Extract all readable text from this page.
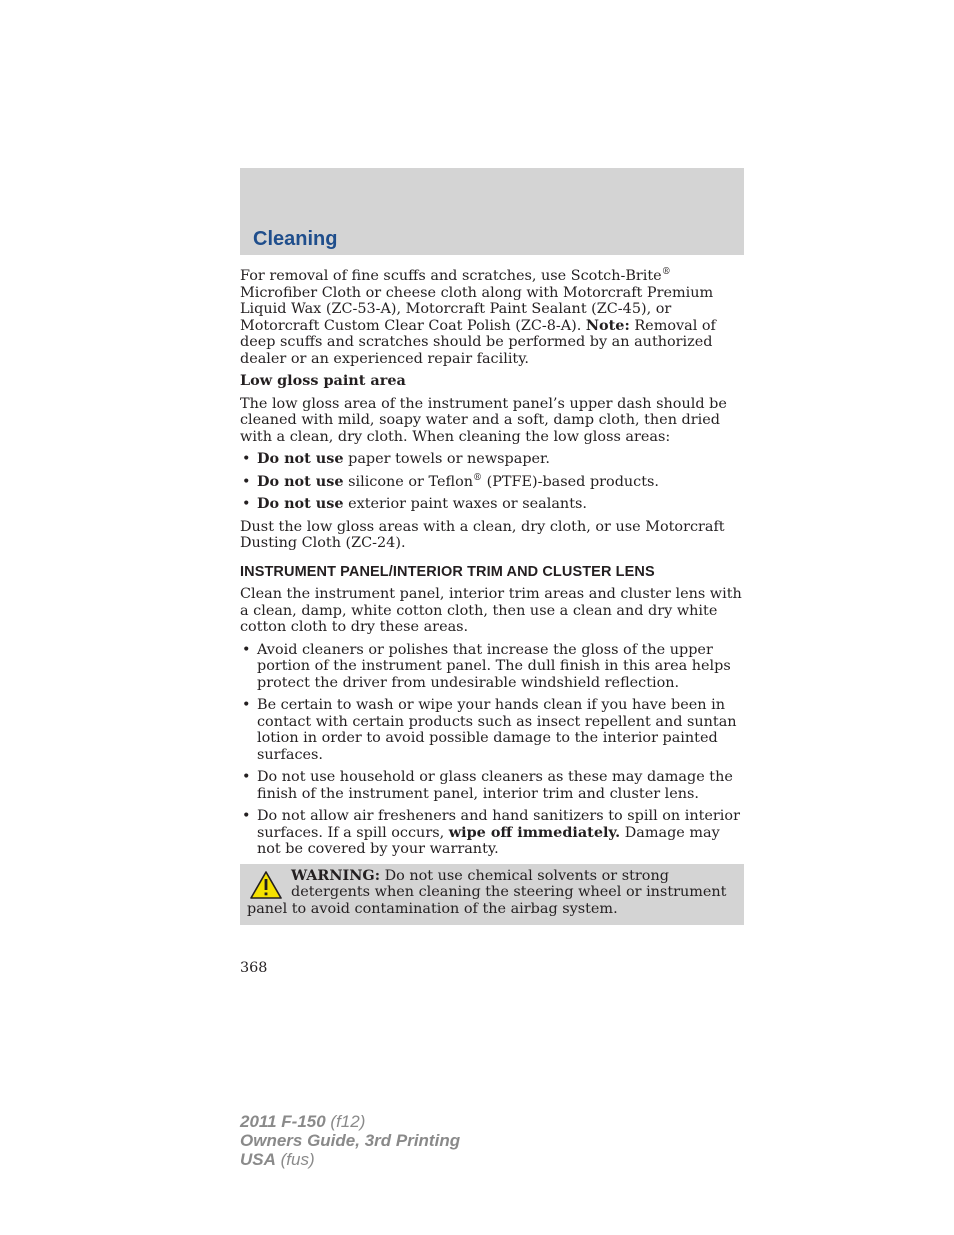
Cleaning

For removal of fine scuffs and scratches, use Scotch-Brite® Microfiber Cloth or cheese cloth along with Motorcraft Premium Liquid Wax (ZC-53-A), Motorcraft Paint Sealant (ZC-45), or Motorcraft Custom Clear Coat Polish (ZC-8-A). Note: Removal of deep scuffs and scratches should be performed by an authorized dealer or an experienced repair facility.

Low gloss paint area

The low gloss area of the instrument panel’s upper dash should be cleaned with mild, soapy water and a soft, damp cloth, then dried with a clean, dry cloth. When cleaning the low gloss areas:

• Do not use paper towels or newspaper.
• Do not use silicone or Teflon® (PTFE)-based products.
• Do not use exterior paint waxes or sealants.

Dust the low gloss areas with a clean, dry cloth, or use Motorcraft Dusting Cloth (ZC-24).

INSTRUMENT PANEL/INTERIOR TRIM AND CLUSTER LENS

Clean the instrument panel, interior trim areas and cluster lens with a clean, damp, white cotton cloth, then use a clean and dry white cotton cloth to dry these areas.

• Avoid cleaners or polishes that increase the gloss of the upper portion of the instrument panel. The dull finish in this area helps protect the driver from undesirable windshield reflection.
• Be certain to wash or wipe your hands clean if you have been in contact with certain products such as insect repellent and suntan lotion in order to avoid possible damage to the interior painted surfaces.
• Do not use household or glass cleaners as these may damage the finish of the instrument panel, interior trim and cluster lens.
• Do not allow air fresheners and hand sanitizers to spill on interior surfaces. If a spill occurs, wipe off immediately. Damage may not be covered by your warranty.
WARNING: Do not use chemical solvents or strong detergents when cleaning the steering wheel or instrument panel to avoid contamination of the airbag system.
368
2011 F-150 (f12)
Owners Guide, 3rd Printing
USA (fus)
